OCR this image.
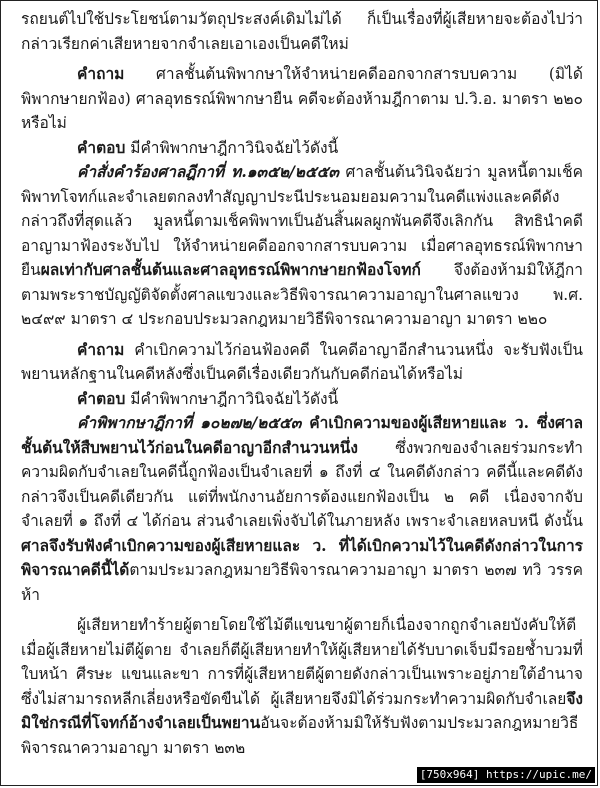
รถยนต์ไปใช้ประโยชน์ตามวัตถุประสงค์เดิมไม่ได้ ก็เป็นเรื่องที่ผู้เสียหายจะต้องไปว่ากล่าวเรียกค่าเสียหายจากจำเลยเอาเองเป็นคดีใหม่

คำถาม ศาลชั้นต้นพิพากษาให้จำหน่ายคดีออกจากสารบบความ (มิได้พิพากษายกฟ้อง) ศาลอุทธรณ์พิพากษายืน คดีจะต้องห้ามฎีกาตาม ป.วิ.อ. มาตรา ๒๒๐ หรือไม่

คำตอบ มีคำพิพากษาฎีกาวินิจฉัยไว้ดังนี้

คำสั่งคำร้องศาลฎีกาที่ ท.๑๓๕๒/๒๕๕๓ ศาลชั้นต้นวินิจฉัยว่า มูลหนี้ตามเช็คพิพาทโจทก์และจำเลยตกลงทำสัญญาประนีประนอมยอมความในคดีแพ่งและคดีดังกล่าวถึงที่สุดแล้ว มูลหนี้ตามเช็คพิพาทเป็นอันสิ้นผลผูกพันคดีจึงเลิกกัน สิทธินำคดีอาญามาฟ้องระงับไป ให้จำหน่ายคดีออกจากสารบบความ เมื่อศาลอุทธรณ์พิพากษายืนผลเท่ากับศาลชั้นต้นและศาลอุทธรณ์พิพากษายกฟ้องโจทก์ จึงต้องห้ามมิให้ฎีกาตามพระราชบัญญัติจัดตั้งศาลแขวงและวิธีพิจารณาความอาญาในศาลแขวง พ.ศ. ๒๔๙๙ มาตรา ๔ ประกอบประมวลกฎหมายวิธีพิจารณาความอาญา มาตรา ๒๒๐

คำถาม คำเบิกความไว้ก่อนฟ้องคดี ในคดีอาญาอีกสำนวนหนึ่ง จะรับฟังเป็นพยานหลักฐานในคดีหลังซึ่งเป็นคดีเรื่องเดียวกันกับคดีก่อนได้หรือไม่

คำตอบ มีคำพิพากษาฎีกาวินิจฉัยไว้ดังนี้

คำพิพากษาฎีกาที่ ๑๐๒๗๒/๒๕๕๓ คำเบิกความของผู้เสียหายและ ว. ซึ่งศาลชั้นต้นให้สืบพยานไว้ก่อนในคดีอาญาอีกสำนวนหนึ่ง ซึ่งพวกของจำเลยร่วมกระทำความผิดกับจำเลยในคดีนี้ถูกฟ้องเป็นจำเลยที่ ๑ ถึงที่ ๔ ในคดีดังกล่าว คดีนี้และคดีดังกล่าวจึงเป็นคดีเดียวกัน แต่ที่พนักงานอัยการต้องแยกฟ้องเป็น ๒ คดี เนื่องจากจับจำเลยที่ ๑ ถึงที่ ๔ ได้ก่อน ส่วนจำเลยเพิ่งจับได้ในภายหลัง เพราะจำเลยหลบหนี ดังนั้นศาลจึงรับฟังคำเบิกความของผู้เสียหายและ ว. ที่ได้เบิกความไว้ในคดีดังกล่าวในการพิจารณาคดีนี้ได้ตามประมวลกฎหมายวิธีพิจารณาความอาญา มาตรา ๒๓๗ ทวิ วรรคห้า

ผู้เสียหายทำร้ายผู้ตายโดยใช้ไม้ตีแขนขาผู้ตายก็เนื่องจากถูกจำเลยบังคับให้ตี เมื่อผู้เสียหายไม่ตีผู้ตาย จำเลยก็ตีผู้เสียหายทำให้ผู้เสียหายได้รับบาดเจ็บมีรอยช้ำบวมที่ใบหน้า ศีรษะ แขนและขา การที่ผู้เสียหายตีผู้ตายดังกล่าวเป็นเพราะอยู่ภายใต้อำนาจซึ่งไม่สามารถหลีกเลี่ยงหรือขัดขืนได้ ผู้เสียหายจึงมิได้ร่วมกระทำความผิดกับจำเลยจึงมิใช่กรณีที่โจทก์อ้างจำเลยเป็นพยานอันจะต้องห้ามมิให้รับฟังตามประมวลกฎหมายวิธีพิจารณาความอาญา มาตรา ๒๓๒

[750x964] https://upic.me/
